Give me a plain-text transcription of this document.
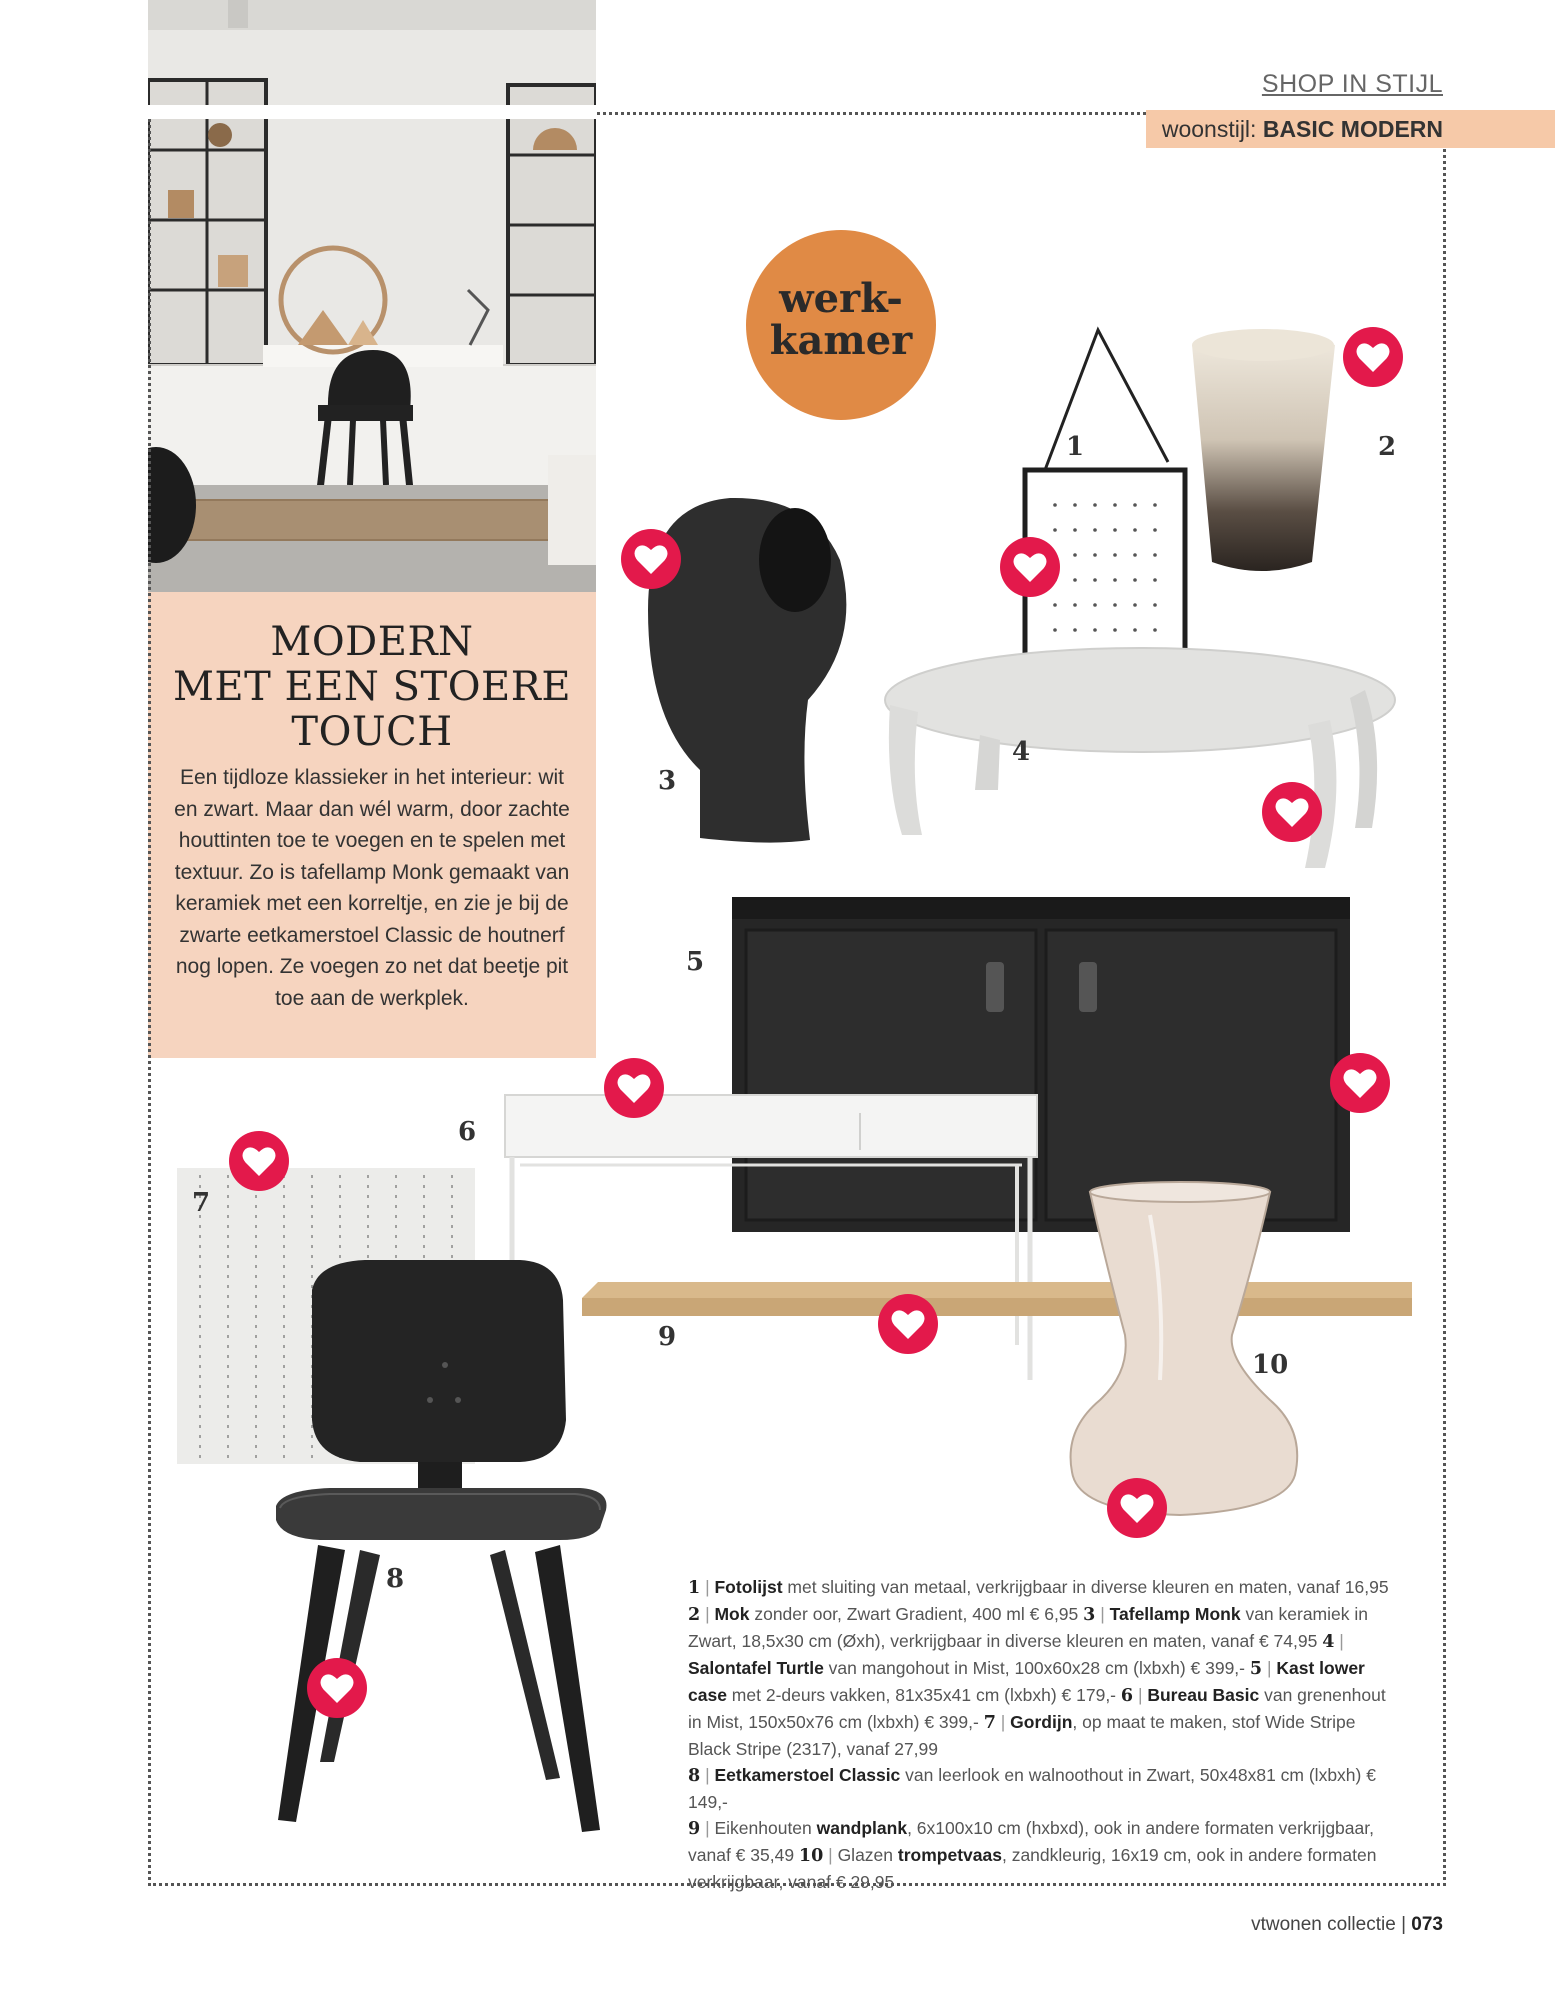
MODERN
MET EEN STOERE
TOUCH

Een tijdloze klassieker in het interieur: wit en zwart. Maar dan wél warm, door zachte houttinten toe te voegen en te spelen met textuur. Zo is tafellamp Monk gemaakt van keramiek met een korreltje, en zie je bij de zwarte eetkamerstoel Classic de houtnerf nog lopen. Ze voegen zo net dat beetje pit toe aan de werkplek.

SHOP IN STIJL
woonstijl: BASIC MODERN
werk-
kamer
1	2
3
4
5
6
7
8
9
10
1 | Fotolijst met sluiting van metaal, verkrijgbaar in diverse kleuren en maten, vanaf 16,95
2 | Mok zonder oor, Zwart Gradient, 400 ml € 6,95 3 | Tafellamp Monk van keramiek in Zwart, 18,5x30 cm (Øxh), verkrijgbaar in diverse kleuren en maten, vanaf € 74,95 4 | Salontafel Turtle van mangohout in Mist, 100x60x28 cm (lxbxh) € 399,- 5 | Kast lower case met 2-deurs vakken, 81x35x41 cm (lxbxh) € 179,- 6 | Bureau Basic van grenenhout in Mist, 150x50x76 cm (lxbxh) € 399,- 7 | Gordijn, op maat te maken, stof Wide Stripe Black Stripe (2317), vanaf 27,99
8 | Eetkamerstoel Classic van leerlook en walnoothout in Zwart, 50x48x81 cm (lxbxh) € 149,-
9 | Eikenhouten wandplank, 6x100x10 cm (hxbxd), ook in andere formaten verkrijgbaar, vanaf € 35,49 10 | Glazen trompetvaas, zandkleurig, 16x19 cm, ook in andere formaten verkrijgbaar, vanaf € 29,95
vtwonen collectie | 073
